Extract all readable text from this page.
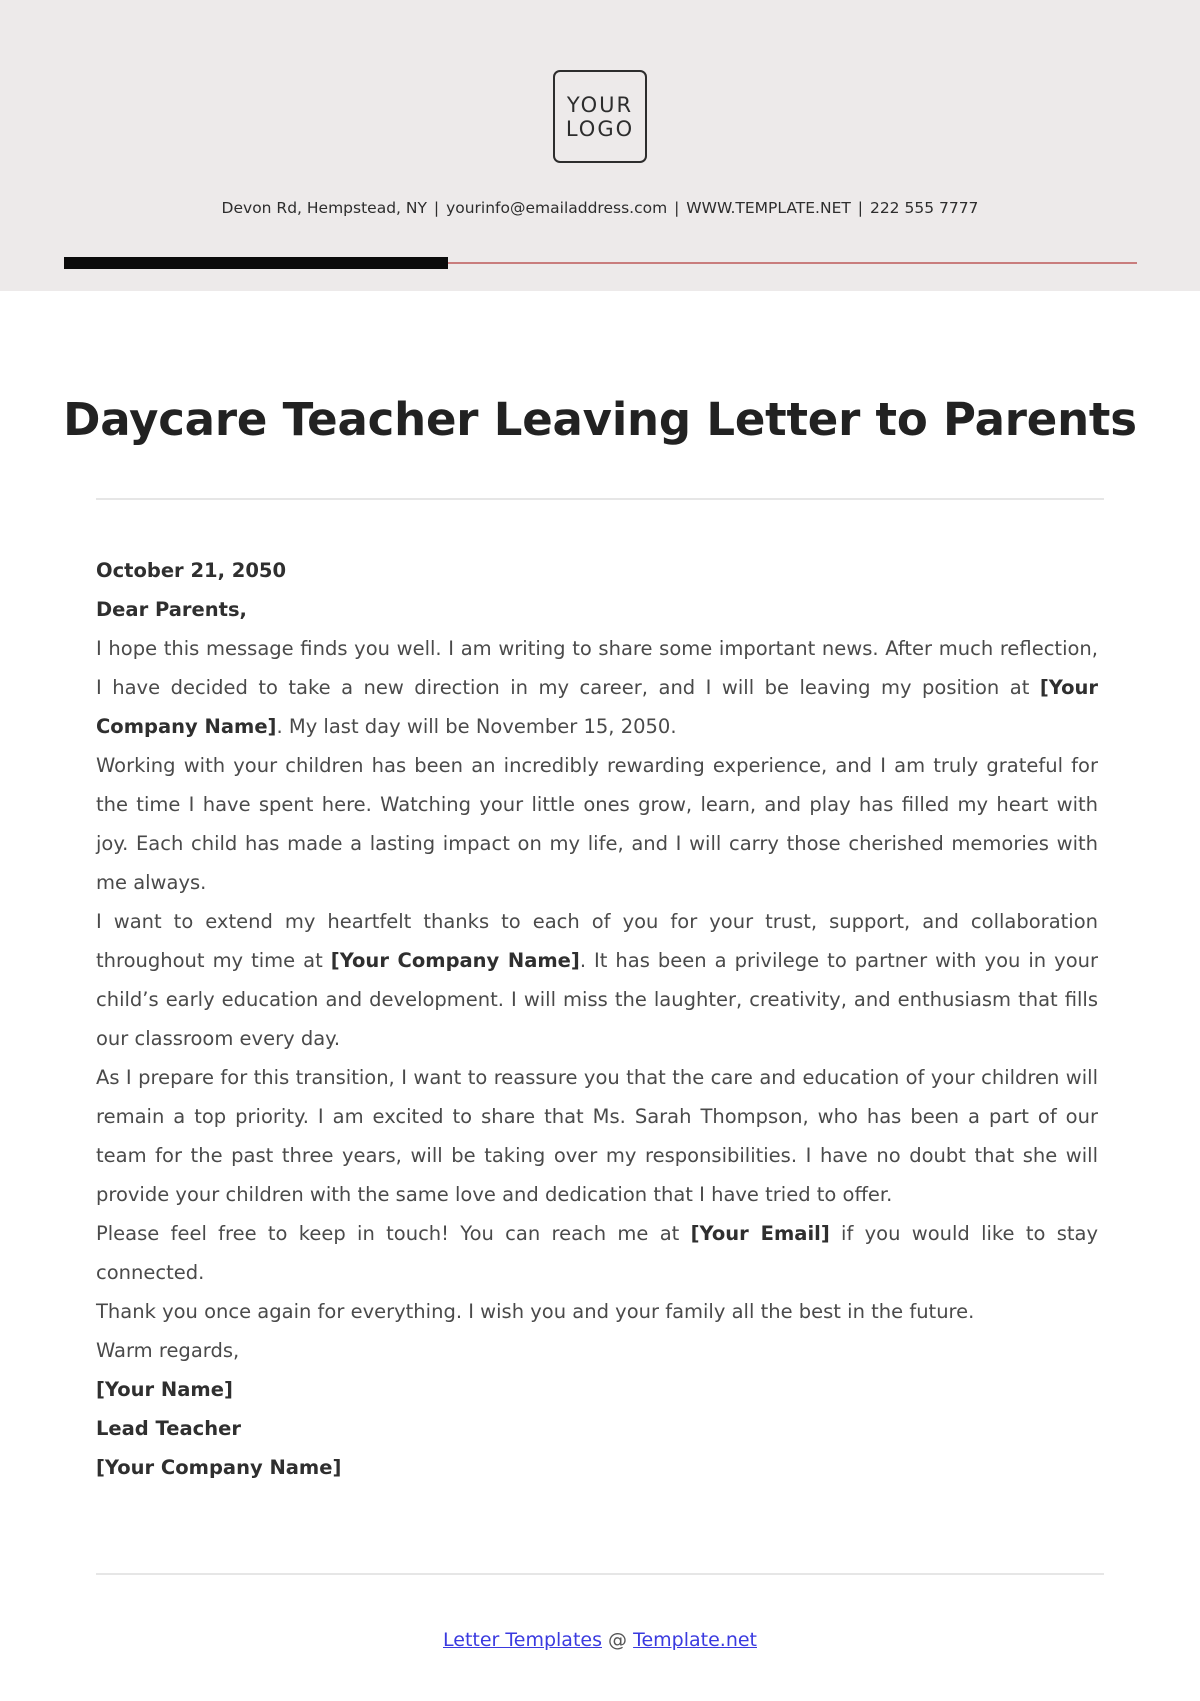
YOUR
LOGO
Devon Rd, Hempstead, NY | yourinfo@emailaddress.com | WWW.TEMPLATE.NET | 222 555 7777
Daycare Teacher Leaving Letter to Parents

October 21, 2050

Dear Parents,

I hope this message finds you well. I am writing to share some important news. After much reflection, I have decided to take a new direction in my career, and I will be leaving my position at [Your Company Name]. My last day will be November 15, 2050.

Working with your children has been an incredibly rewarding experience, and I am truly grateful for the time I have spent here. Watching your little ones grow, learn, and play has filled my heart with joy. Each child has made a lasting impact on my life, and I will carry those cherished memories with me always.

I want to extend my heartfelt thanks to each of you for your trust, support, and collaboration throughout my time at [Your Company Name]. It has been a privilege to partner with you in your child’s early education and development. I will miss the laughter, creativity, and enthusiasm that fills our classroom every day.

As I prepare for this transition, I want to reassure you that the care and education of your children will remain a top priority. I am excited to share that Ms. Sarah Thompson, who has been a part of our team for the past three years, will be taking over my responsibilities. I have no doubt that she will provide your children with the same love and dedication that I have tried to offer.

Please feel free to keep in touch! You can reach me at [Your Email] if you would like to stay connected.

Thank you once again for everything. I wish you and your family all the best in the future.

Warm regards,

[Your Name]

Lead Teacher

[Your Company Name]

Letter Templates @ Template.net
